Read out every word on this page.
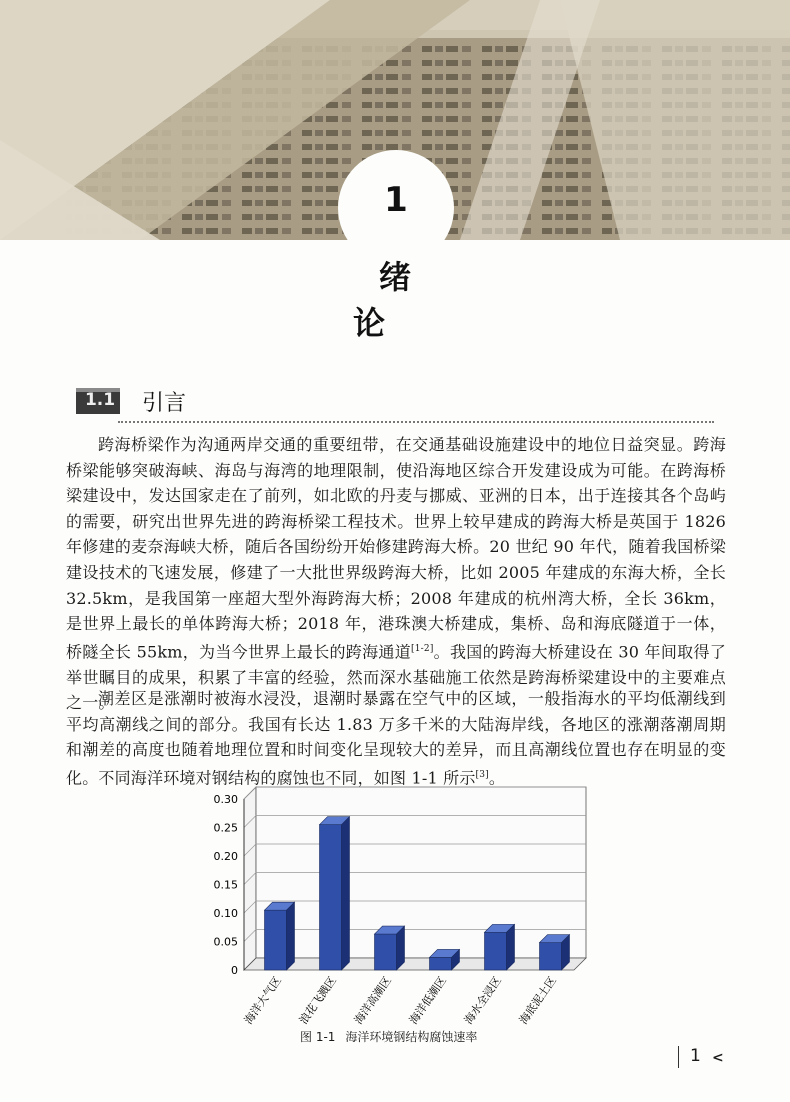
1
绪论
1.1 引言
跨海桥梁作为沟通两岸交通的重要纽带，在交通基础设施建设中的地位日益突显。跨海桥梁能够突破海峡、海岛与海湾的地理限制，使沿海地区综合开发建设成为可能。在跨海桥梁建设中，发达国家走在了前列，如北欧的丹麦与挪威、亚洲的日本，出于连接其各个岛屿的需要，研究出世界先进的跨海桥梁工程技术。世界上较早建成的跨海大桥是英国于 1826 年修建的麦奈海峡大桥，随后各国纷纷开始修建跨海大桥。20 世纪 90 年代，随着我国桥梁建设技术的飞速发展，修建了一大批世界级跨海大桥，比如 2005 年建成的东海大桥，全长 32.5km，是我国第一座超大型外海跨海大桥；2008 年建成的杭州湾大桥，全长 36km，是世界上最长的单体跨海大桥；2018 年，港珠澳大桥建成，集桥、岛和海底隧道于一体，桥隧全长 55km，为当今世界上最长的跨海通道[1-2]。我国的跨海大桥建设在 30 年间取得了举世瞩目的成果，积累了丰富的经验，然而深水基础施工依然是跨海桥梁建设中的主要难点之一。
潮差区是涨潮时被海水浸没，退潮时暴露在空气中的区域，一般指海水的平均低潮线到平均高潮线之间的部分。我国有长达 1.83 万多千米的大陆海岸线，各地区的涨潮落潮周期和潮差的高度也随着地理位置和时间变化呈现较大的差异，而且高潮线位置也存在明显的变化。不同海洋环境对钢结构的腐蚀也不同，如图 1-1 所示[3]。
0
0.05
0.10
0.15
0.20
0.25
0.30
海洋大气区 浪花飞溅区 海洋高潮区 海洋低潮区 海水全浸区 海底泥土区
图 1-1 海洋环境钢结构腐蚀速率
1 <
